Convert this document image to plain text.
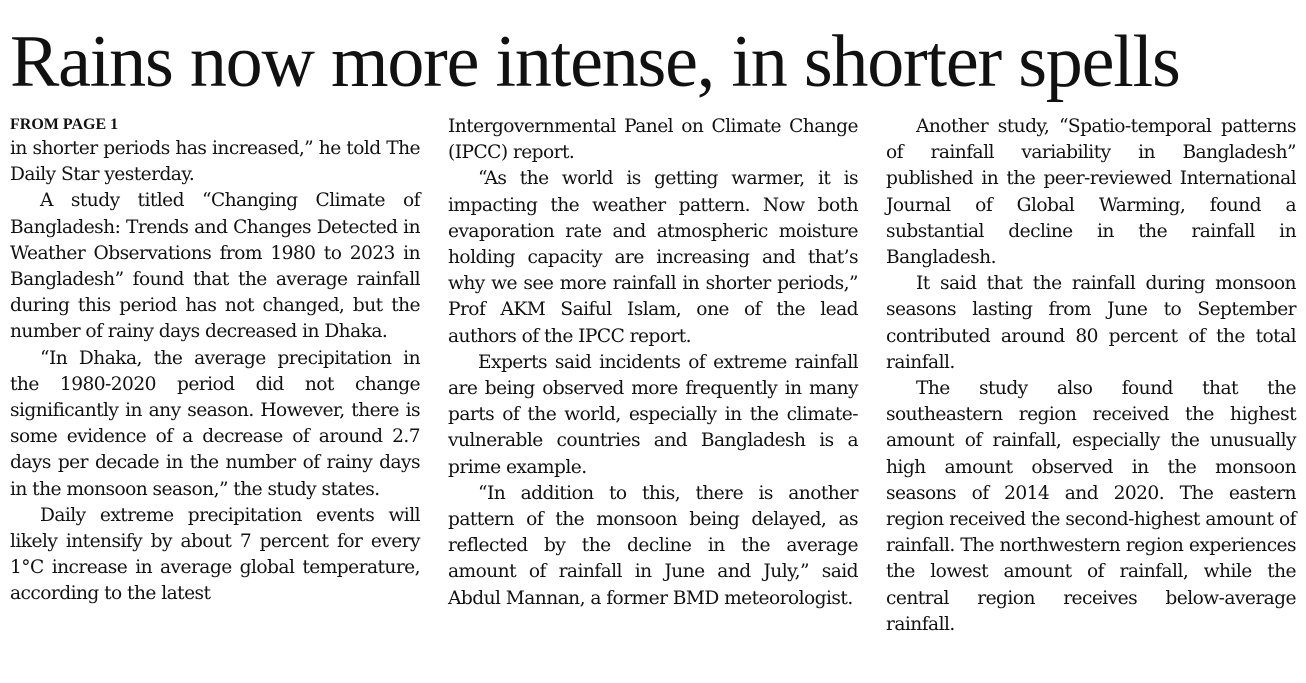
Rains now more intense, in shorter spells
FROM PAGE 1

in shorter periods has increased,” he told The Daily Star yesterday.

A study titled “Changing Climate of Bangladesh: Trends and Changes Detected in Weather Observations from 1980 to 2023 in Bangladesh” found that the average rainfall during this period has not changed, but the number of rainy days decreased in Dhaka.

“In Dhaka, the average precipitation in the 1980-2020 period did not change significantly in any season. However, there is some evidence of a decrease of around 2.7 days per decade in the number of rainy days in the monsoon season,” the study states.

Daily extreme precipitation events will likely intensify by about 7 percent for every 1°C increase in average global temperature, according to the latest

Intergovernmental Panel on Climate Change (IPCC) report.

“As the world is getting warmer, it is impacting the weather pattern. Now both evaporation rate and atmospheric moisture holding capacity are increasing and that’s why we see more rainfall in shorter periods,” Prof AKM Saiful Islam, one of the lead authors of the IPCC report.

Experts said incidents of extreme rainfall are being observed more frequently in many parts of the world, especially in the climate-vulnerable countries and Bangladesh is a prime example.

“In addition to this, there is another pattern of the monsoon being delayed, as reflected by the decline in the average amount of rainfall in June and July,” said Abdul Mannan, a former BMD meteorologist.

Another study, “Spatio-temporal patterns of rainfall variability in Bangladesh” published in the peer-reviewed International Journal of Global Warming, found a substantial decline in the rainfall in Bangladesh.

It said that the rainfall during monsoon seasons lasting from June to September contributed around 80 percent of the total rainfall.

The study also found that the southeastern region received the highest amount of rainfall, especially the unusually high amount observed in the monsoon seasons of 2014 and 2020. The eastern region received the second-highest amount of rainfall. The northwestern region experiences the lowest amount of rainfall, while the central region receives below-average rainfall.
